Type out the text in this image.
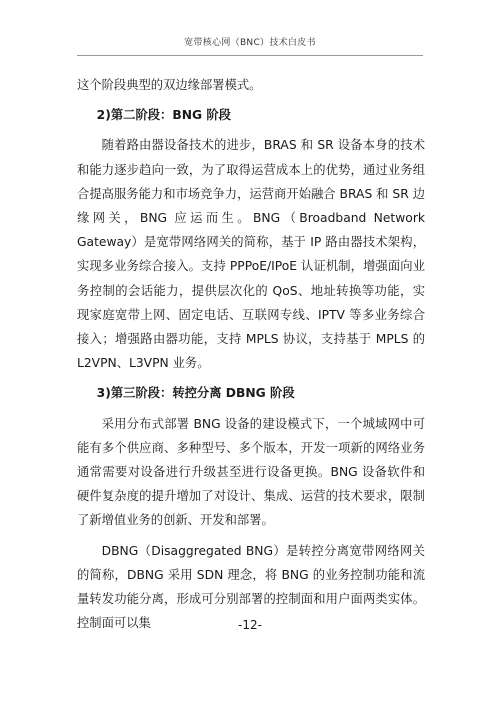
宽带核心网（BNC）技术白皮书

这个阶段典型的双边缘部署模式。

2)第二阶段：BNG 阶段

随着路由器设备技术的进步，BRAS 和 SR 设备本身的技术和能力逐步趋向一致，为了取得运营成本上的优势，通过业务组合提高服务能力和市场竞争力，运营商开始融合 BRAS 和 SR 边缘网关，BNG 应运而生。BNG（Broadband Network Gateway）是宽带网络网关的简称，基于 IP 路由器技术架构，实现多业务综合接入。支持 PPPoE/IPoE 认证机制，增强面向业务控制的会话能力，提供层次化的 QoS、地址转换等功能，实现家庭宽带上网、固定电话、互联网专线、IPTV 等多业务综合接入；增强路由器功能，支持 MPLS 协议，支持基于 MPLS 的 L2VPN、L3VPN 业务。

3)第三阶段：转控分离 DBNG 阶段

采用分布式部署 BNG 设备的建设模式下，一个城域网中可能有多个供应商、多种型号、多个版本，开发一项新的网络业务通常需要对设备进行升级甚至进行设备更换。BNG 设备软件和硬件复杂度的提升增加了对设计、集成、运营的技术要求，限制了新增值业务的创新、开发和部署。

DBNG（Disaggregated BNG）是转控分离宽带网络网关的简称，DBNG 采用 SDN 理念，将 BNG 的业务控制功能和流量转发功能分离，形成可分别部署的控制面和用户面两类实体。控制面可以集	-12-
